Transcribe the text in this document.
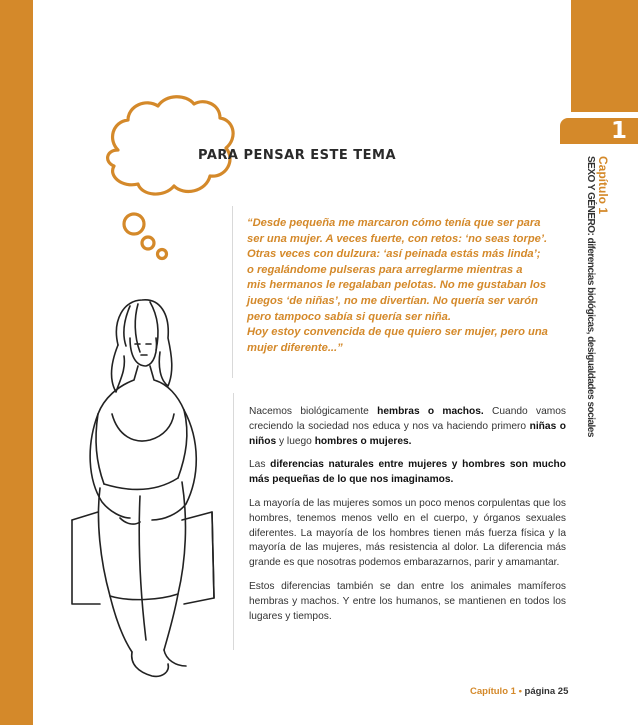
1
Capítulo 1
SEXO Y GÉNERO: diferencias biológicas, desigualdades sociales
PARA PENSAR ESTE TEMA
“Desde pequeña me marcaron cómo tenía que ser para
ser una mujer. A veces fuerte, con retos: ‘no seas torpe’.
Otras veces con dulzura: ‘así peinada estás más linda’;
o regalándome pulseras para arreglarme mientras a
mis hermanos le regalaban pelotas. No me gustaban los
juegos ‘de niñas’, no me divertían. No quería ser varón
pero tampoco sabía si quería ser niña.
Hoy estoy convencida de que quiero ser mujer, pero una
mujer diferente...”

Nacemos biológicamente hembras o machos. Cuando vamos creciendo la sociedad nos educa y nos va haciendo primero niñas o niños y luego hombres o mujeres.

Las diferencias naturales entre mujeres y hombres son mucho más pequeñas de lo que nos imaginamos.

La mayoría de las mujeres somos un poco menos corpulentas que los hombres, tenemos menos vello en el cuerpo, y órganos sexuales diferentes. La mayoría de los hombres tienen más fuerza física y la mayoría de las mujeres, más resistencia al dolor. La diferencia más grande es que nosotras podemos embarazarnos, parir y amamantar.

Estos diferencias también se dan entre los animales mamíferos hembras y machos. Y entre los humanos, se mantienen en todos los lugares y tiempos.

Capítulo 1 • página 25
